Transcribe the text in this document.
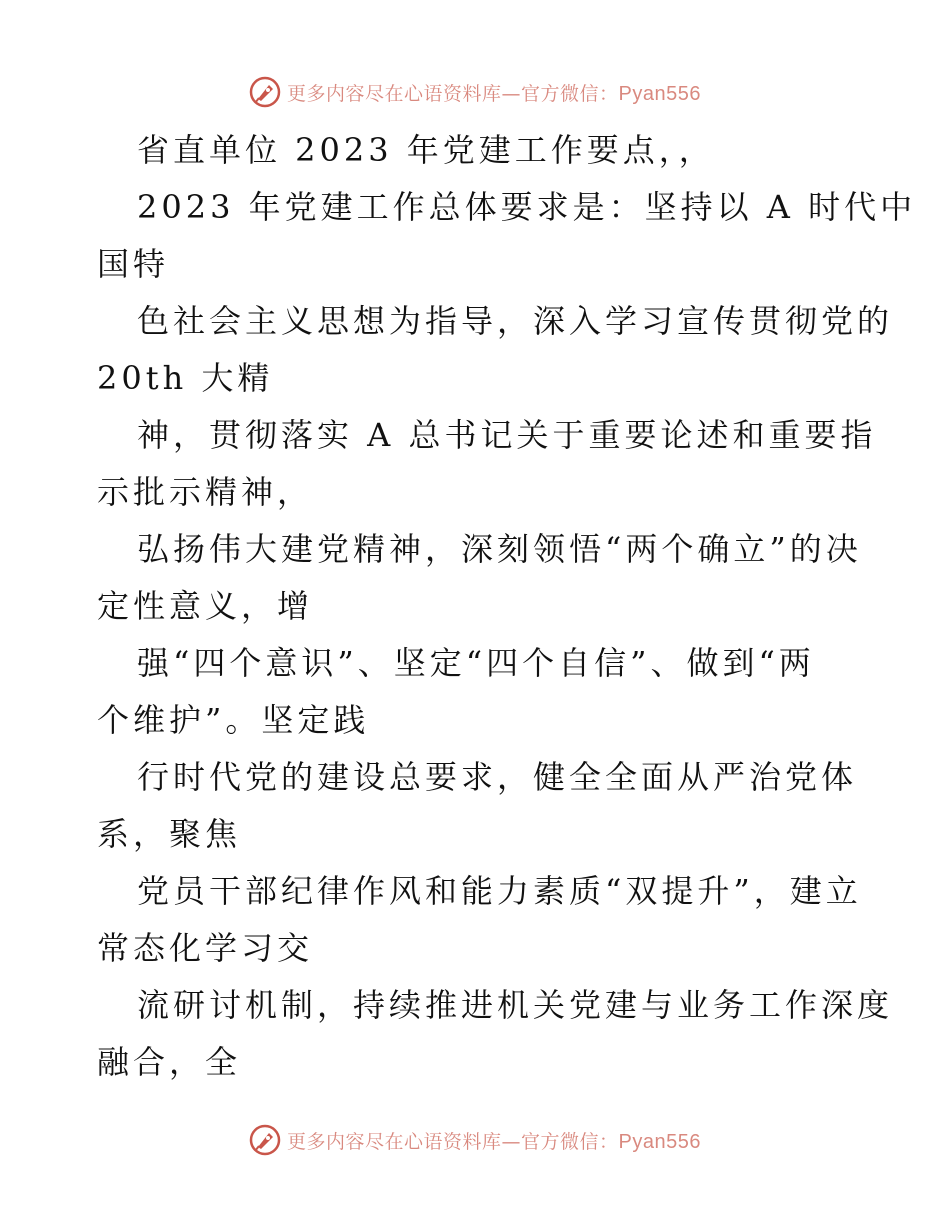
更多内容尽在心语资料库—官方微信：Pyan556
省直单位 2023 年党建工作要点，，
2023 年党建工作总体要求是：坚持以 A 时代中
国特
色社会主义思想为指导，深入学习宣传贯彻党的
20th 大精
神，贯彻落实 A 总书记关于重要论述和重要指
示批示精神，
弘扬伟大建党精神，深刻领悟“两个确立”的决
定性意义，增
强“四个意识”、坚定“四个自信”、做到“两
个维护”。坚定践
行时代党的建设总要求，健全全面从严治党体
系，聚焦
党员干部纪律作风和能力素质“双提升”，建立
常态化学习交
流研讨机制，持续推进机关党建与业务工作深度
融合，全
更多内容尽在心语资料库—官方微信：Pyan556
